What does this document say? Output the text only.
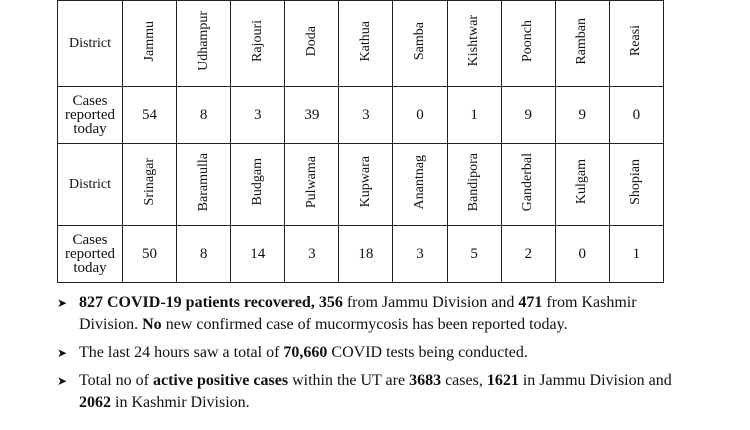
District	Jammu	Udhampur	Rajouri	Doda	Kathua	Samba	Kishtwar	Poonch	Ramban	Reasi

Cases
reported
today	54	8	3	39	3	0	1	9	9	0
District	Srinagar	Baramulla	Budgam	Pulwama	Kupwara	Anantnag	Bandipora	Ganderbal	Kulgam	Shopian

Cases
reported
today	50	8	14	3	18	3	5	2	0	1
➤ 827 COVID-19 patients recovered, 356 from Jammu Division and 471 from Kashmir Division. No new confirmed case of mucormycosis has been reported today.
➤ The last 24 hours saw a total of 70,660 COVID tests being conducted.
➤ Total no of active positive cases within the UT are 3683 cases, 1621 in Jammu Division and 2062 in Kashmir Division.
